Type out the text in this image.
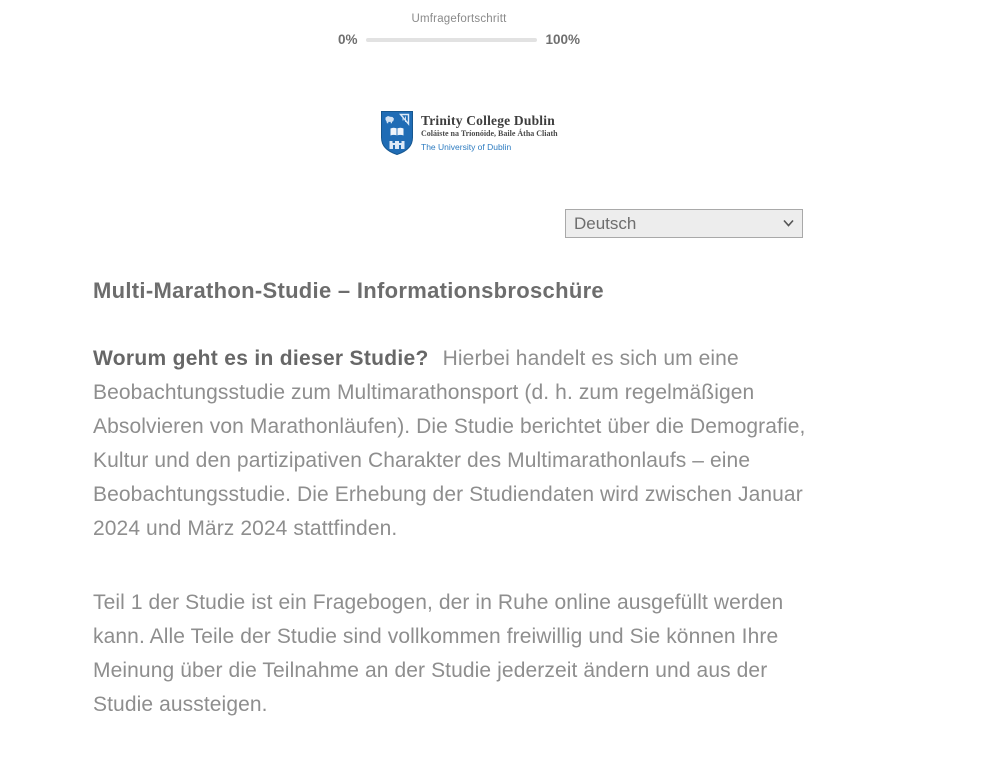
Umfragefortschritt
0%	100%
Trinity College Dublin
Coláiste na Tríonóide, Baile Átha Cliath
The University of Dublin
Deutsch
Multi-Marathon-Studie – Informationsbroschüre

Worum geht es in dieser Studie? Hierbei handelt es sich um eine Beobachtungsstudie zum Multimarathonsport (d. h. zum regelmäßigen Absolvieren von Marathonläufen). Die Studie berichtet über die Demografie, Kultur und den partizipativen Charakter des Multimarathonlaufs – eine Beobachtungsstudie. Die Erhebung der Studiendaten wird zwischen Januar 2024 und März 2024 stattfinden.

Teil 1 der Studie ist ein Fragebogen, der in Ruhe online ausgefüllt werden kann. Alle Teile der Studie sind vollkommen freiwillig und Sie können Ihre Meinung über die Teilnahme an der Studie jederzeit ändern und aus der Studie aussteigen.
